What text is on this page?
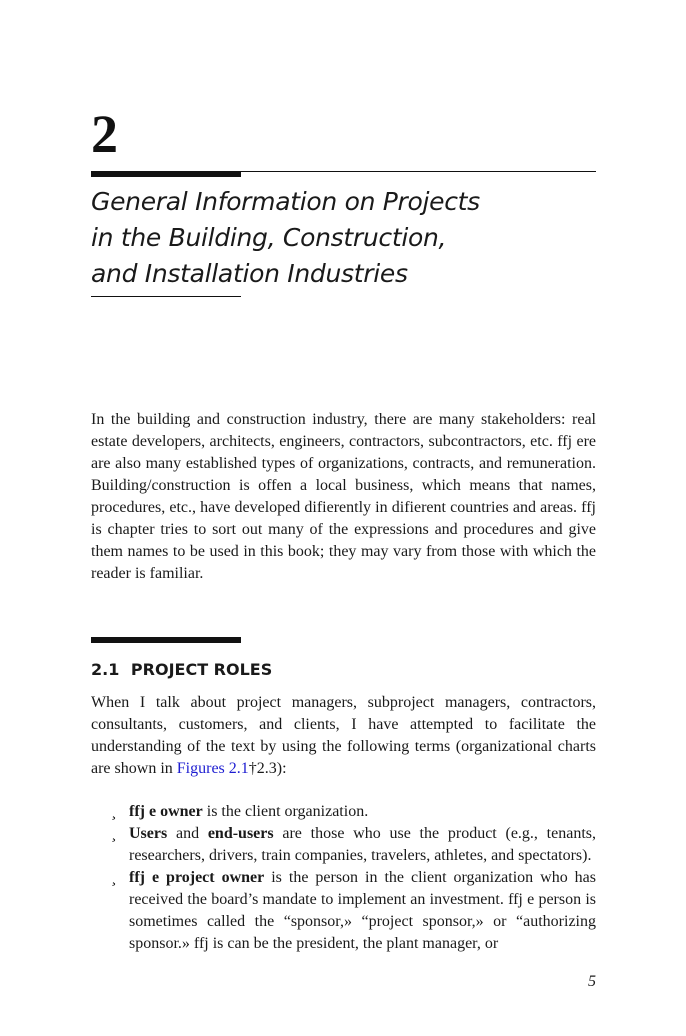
2
General Information on Projects
in the Building, Construction,
and Installation Industries

In the building and construction industry, there are many stakeholders: real estate developers, architects, engineers, contractors, subcontractors, etc. ffj ere are also many established types of organizations, contracts, and remuneration. Building/construction is offen a local business, which means that names, procedures, etc., have developed difierently in difierent countries and areas. ffj is chapter tries to sort out many of the expressions and procedures and give them names to be used in this book; they may vary from those with which the reader is familiar.

2.1 PROJECT ROLES

When I talk about project managers, subproject managers, contractors, consultants, customers, and clients, I have attempted to facilitate the understanding of the text by using the following terms (organizational charts are shown in Figures 2.1†2.3):

¸ ffj e owner is the client organization.
¸ Users and end-users are those who use the product (e.g., tenants, researchers, drivers, train companies, travelers, athletes, and spectators).
¸ ffj e project owner is the person in the client organization who has received the board’s mandate to implement an investment. ffj e person is sometimes called the “sponsor,» “project sponsor,» or “authorizing sponsor.» ffj is can be the president, the plant manager, or
5
